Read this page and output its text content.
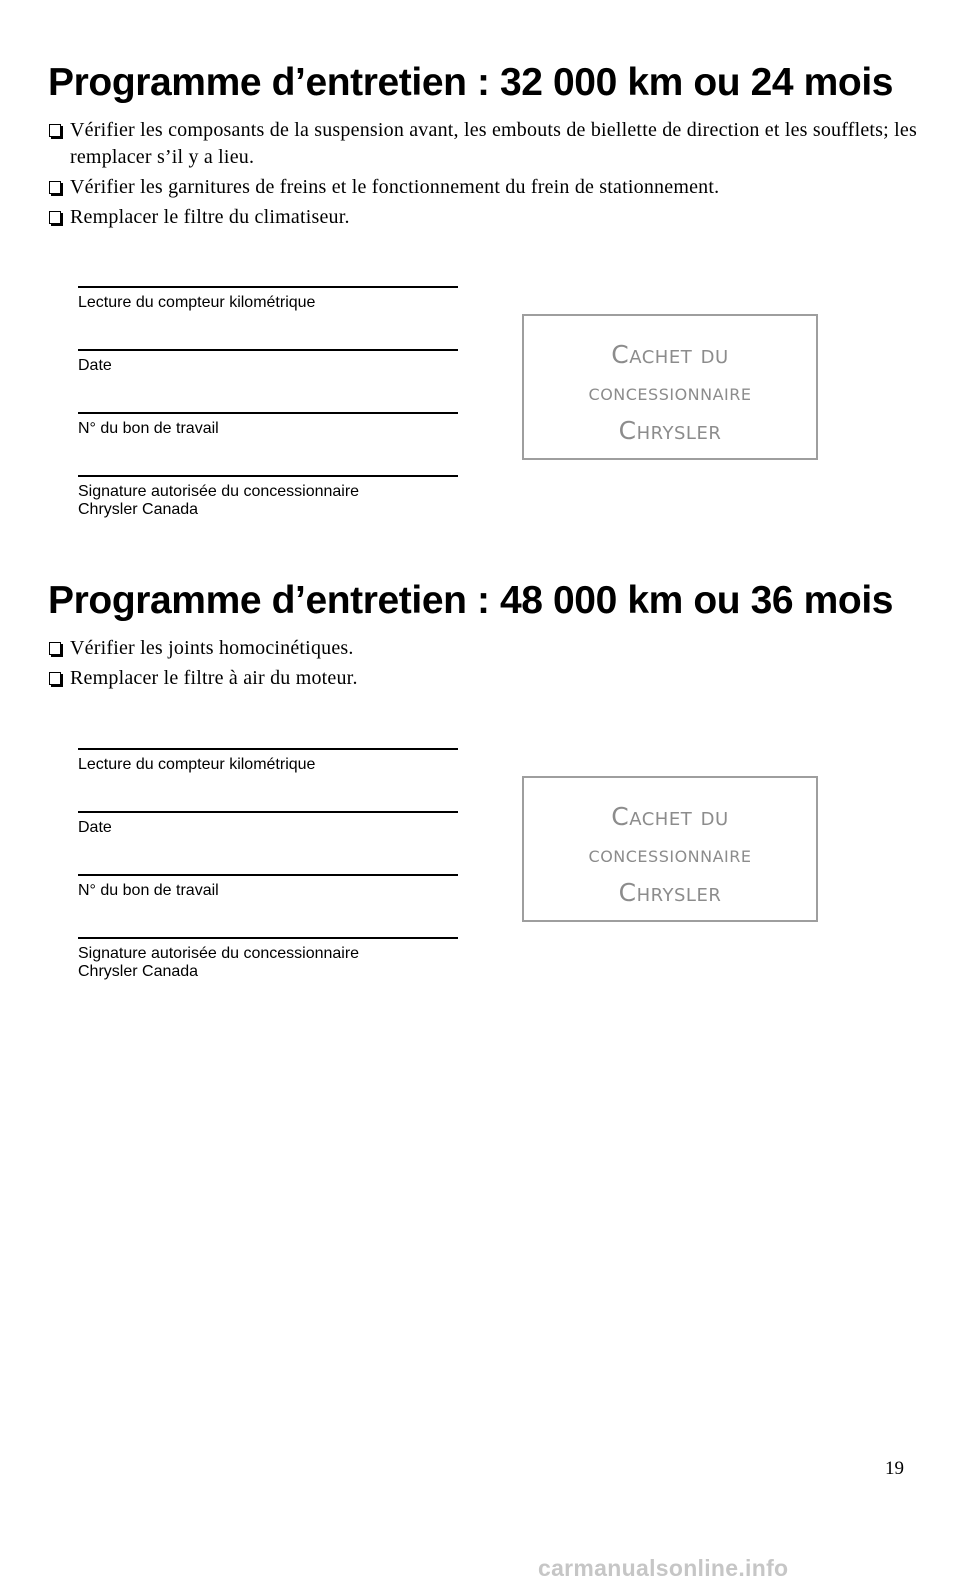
Programme d’entretien : 32 000 km ou 24 mois
Vérifier les composants de la suspension avant, les embouts de biellette de direction et les soufflets; les remplacer s’il y a lieu.
Vérifier les garnitures de freins et le fonctionnement du frein de stationnement.
Remplacer le filtre du climatiseur.
Lecture du compteur kilométrique
Date
N° du bon de travail
Signature autorisée du concessionnaire
Chrysler Canada
Cachet du
concessionnaire
Chrysler
Programme d’entretien : 48 000 km ou 36 mois
Vérifier les joints homocinétiques.
Remplacer le filtre à air du moteur.
Lecture du compteur kilométrique
Date
N° du bon de travail
Signature autorisée du concessionnaire
Chrysler Canada
Cachet du
concessionnaire
Chrysler
19
carmanualsonline.info
